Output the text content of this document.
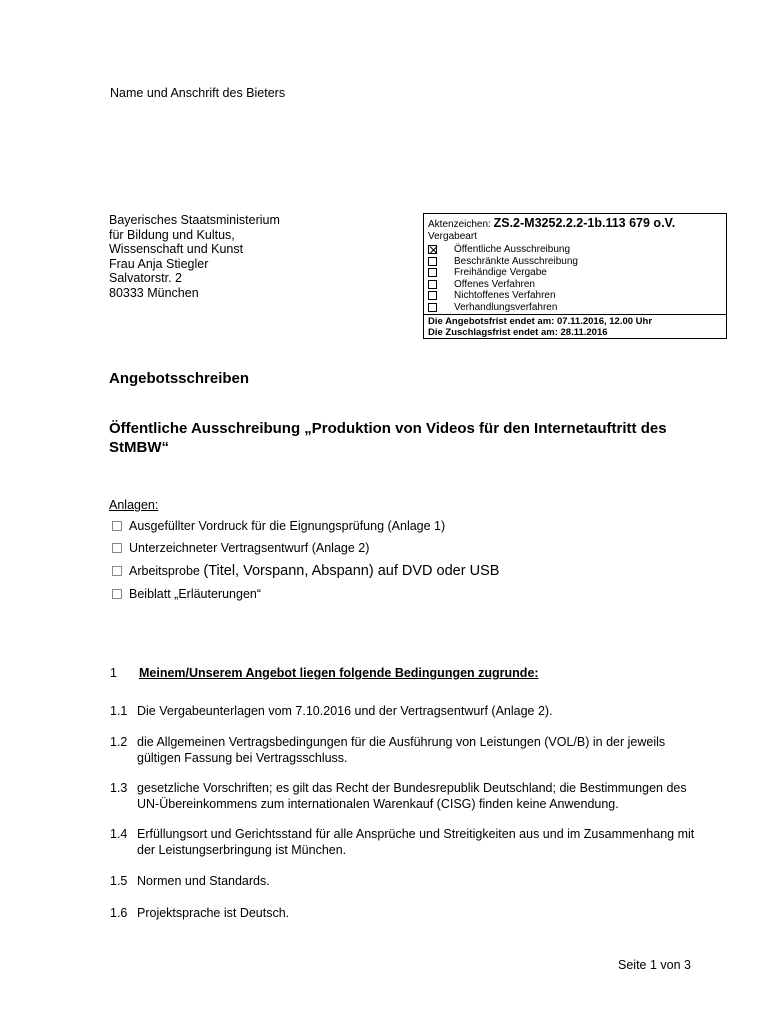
Name und Anschrift des Bieters
Bayerisches Staatsministerium
für Bildung und Kultus,
Wissenschaft und Kunst
Frau Anja Stiegler
Salvatorstr. 2
80333 München
Aktenzeichen: ZS.2-M3252.2.2-1b.113 679 o.V.
Vergabeart
Öffentliche Ausschreibung
Beschränkte Ausschreibung
Freihändige Vergabe
Offenes Verfahren
Nichtoffenes Verfahren
Verhandlungsverfahren
Die Angebotsfrist endet am: 07.11.2016, 12.00 Uhr
Die Zuschlagsfrist endet am: 28.11.2016
Angebotsschreiben
Öffentliche Ausschreibung „Produktion von Videos für den Internetauftritt des StMBW“
Anlagen:
Ausgefüllter Vordruck für die Eignungsprüfung (Anlage 1)
Unterzeichneter Vertragsentwurf (Anlage 2)
Arbeitsprobe (Titel, Vorspann, Abspann) auf DVD oder USB
Beiblatt „Erläuterungen“
1 Meinem/Unserem Angebot liegen folgende Bedingungen zugrunde:
1.1 Die Vergabeunterlagen vom 7.10.2016 und der Vertragsentwurf (Anlage 2).
1.2 die Allgemeinen Vertragsbedingungen für die Ausführung von Leistungen (VOL/B) in der jeweils gültigen Fassung bei Vertragsschluss.
1.3 gesetzliche Vorschriften; es gilt das Recht der Bundesrepublik Deutschland; die Bestimmungen des UN-Übereinkommens zum internationalen Warenkauf (CISG) finden keine Anwendung.
1.4 Erfüllungsort und Gerichtsstand für alle Ansprüche und Streitigkeiten aus und im Zusammenhang mit der Leistungserbringung ist München.
1.5 Normen und Standards.
1.6 Projektsprache ist Deutsch.
Seite 1 von 3
